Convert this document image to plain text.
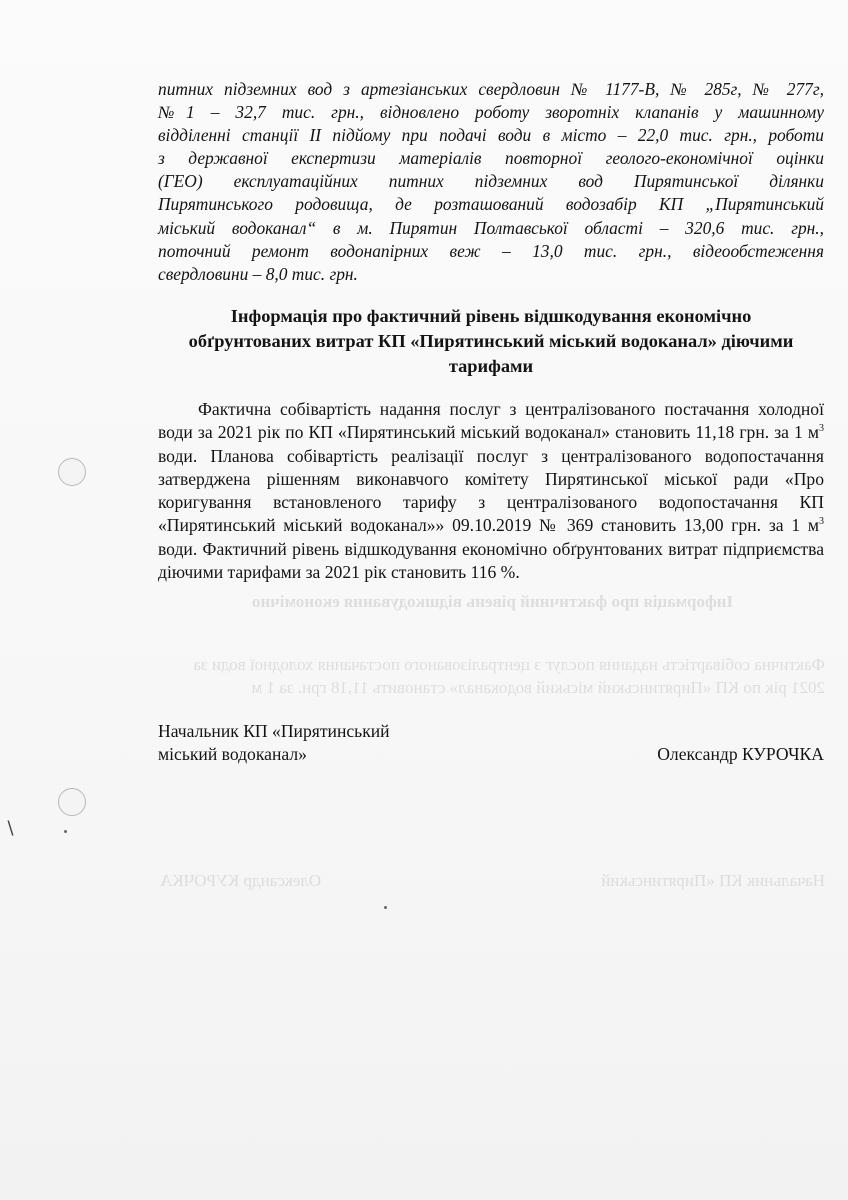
Інформація про фактичний рівень відшкодування економічно

Фактична собівартість надання послуг з централізованого постачання холодної води за 2021 рік по КП «Пирятинський міський водоканал» становить 11,18 грн. за 1 м

Начальник КП «Пирятинський
Олександр КУРОЧКА
питних підземних вод з артезіанських свердловин № 1177-В, № 285г, № 277г,
№1 – 32,7 тис. грн., відновлено роботу зворотніх клапанів у машинному
відділенні станції ІІ підйому при подачі води в місто – 22,0 тис. грн., роботи
з державної експертизи матеріалів повторної геолого-економічної оцінки
(ГЕО) експлуатаційних питних підземних вод Пирятинської ділянки
Пирятинського родовища, де розташований водозабір КП „Пирятинський
міський водоканал“ в м. Пирятин Полтавської області – 320,6 тис. грн.,
поточний ремонт водонапірних веж – 13,0 тис. грн., відеообстеження
свердловини – 8,0 тис. грн.
Інформація про фактичний рівень відшкодування економічно
обґрунтованих витрат КП «Пирятинський міський водоканал» діючими
тарифами

Фактична собівартість надання послуг з централізованого постачання холодної води за 2021 рік по КП «Пирятинський міський водоканал» становить 11,18 грн. за 1 $м^3$ води. Планова собівартість реалізації послуг з централізованого водопостачання затверджена рішенням виконавчого комітету Пирятинської міської ради «Про коригування встановленого тарифу з централізованого водопостачання КП «Пирятинський міський водоканал»» 09.10.2019 № 369 становить 13,00 грн. за 1 $м^3$ води. Фактичний рівень відшкодування економічно обґрунтованих витрат підприємства діючими тарифами за 2021 рік становить 116 %.

Начальник КП «Пирятинський
міський водоканал»	Олександр КУРОЧКА
∖
